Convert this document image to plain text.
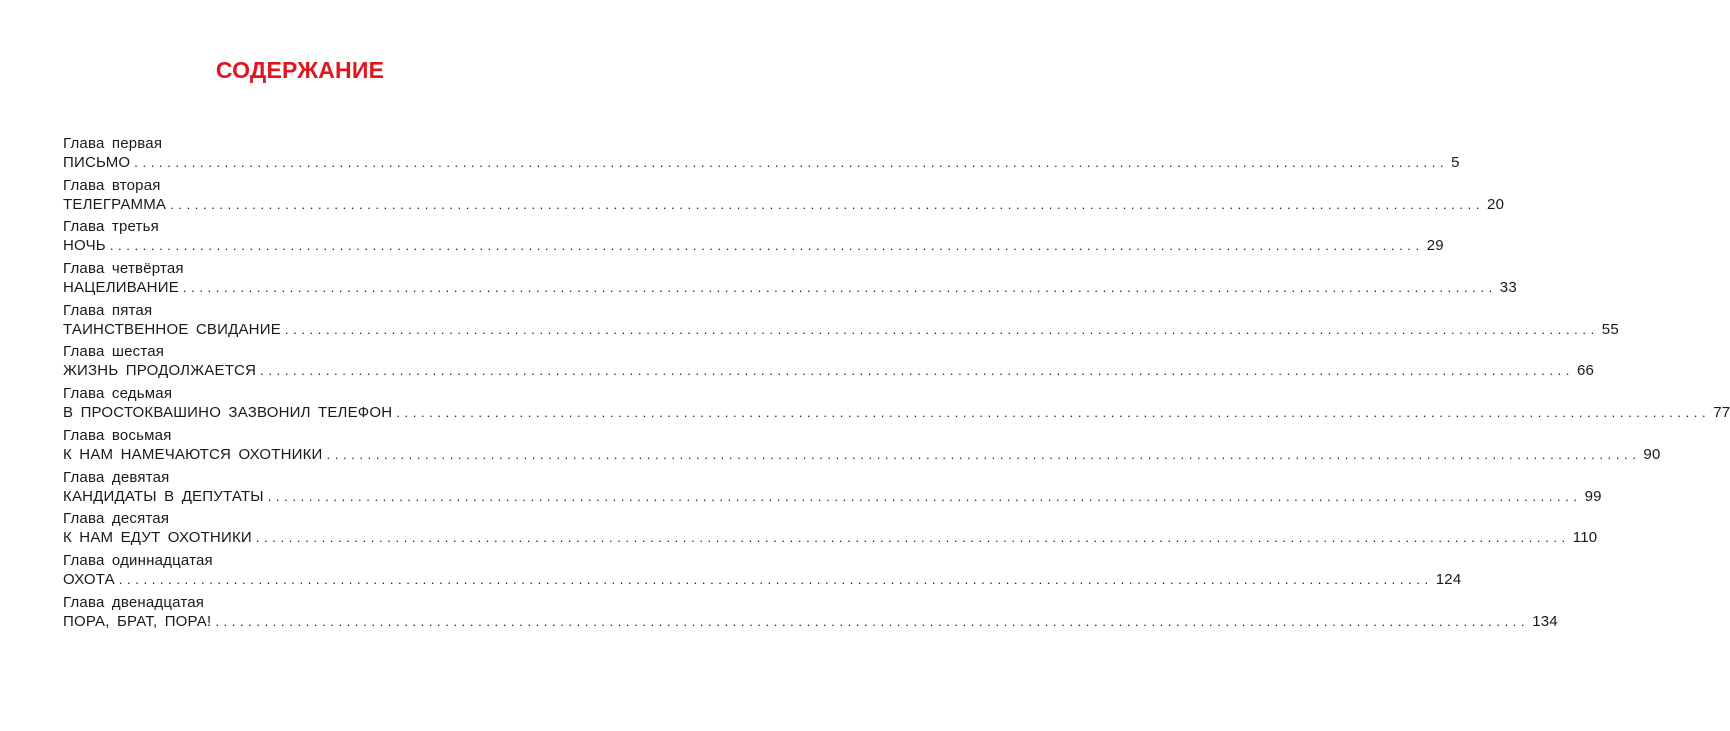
СОДЕРЖАНИЕ
Глава первая
ПИСЬМО ................................................................................................................................................................ 5
Глава вторая
ТЕЛЕГРАММА ................................................................................................................................................................ 20
Глава третья
НОЧЬ ................................................................................................................................................................ 29
Глава четвёртая
НАЦЕЛИВАНИЕ ................................................................................................................................................................ 33
Глава пятая
ТАИНСТВЕННОЕ СВИДАНИЕ ................................................................................................................................................................ 55
Глава шестая
ЖИЗНЬ ПРОДОЛЖАЕТСЯ ................................................................................................................................................................ 66
Глава седьмая
В ПРОСТОКВАШИНО ЗАЗВОНИЛ ТЕЛЕФОН ................................................................................................................................................................ 77
Глава восьмая
К НАМ НАМЕЧАЮТСЯ ОХОТНИКИ ................................................................................................................................................................ 90
Глава девятая
КАНДИДАТЫ В ДЕПУТАТЫ ................................................................................................................................................................ 99
Глава десятая
К НАМ ЕДУТ ОХОТНИКИ ................................................................................................................................................................ 110
Глава одиннадцатая
ОХОТА ................................................................................................................................................................ 124
Глава двенадцатая
ПОРА, БРАТ, ПОРА! ................................................................................................................................................................ 134
